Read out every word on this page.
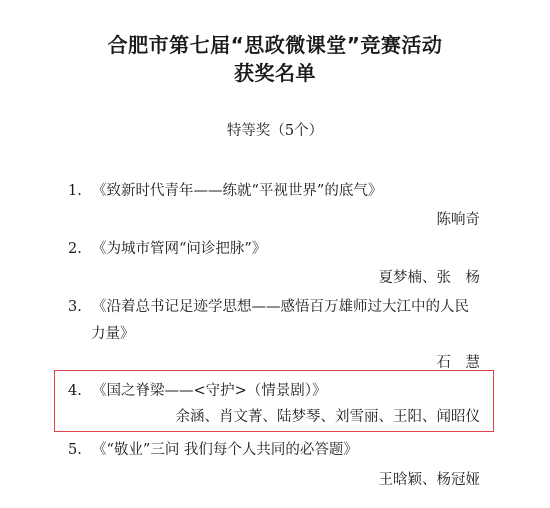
合肥市第七届“思政微课堂”竞赛活动
获奖名单
特等奖（5个）
1. 《致新时代青年——练就“平视世界”的底气》
陈响奇
2. 《为城市管网“问诊把脉”》
夏梦楠、张　杨
3. 《沿着总书记足迹学思想——感悟百万雄师过大江中的人民
力量》
石　慧
4. 《国之脊梁——<守护>（情景剧）》
余涵、肖文菁、陆梦琴、刘雪丽、王阳、闻昭仪
5. 《“敬业”三问 我们每个人共同的必答题》
王晗颖、杨冠娅
